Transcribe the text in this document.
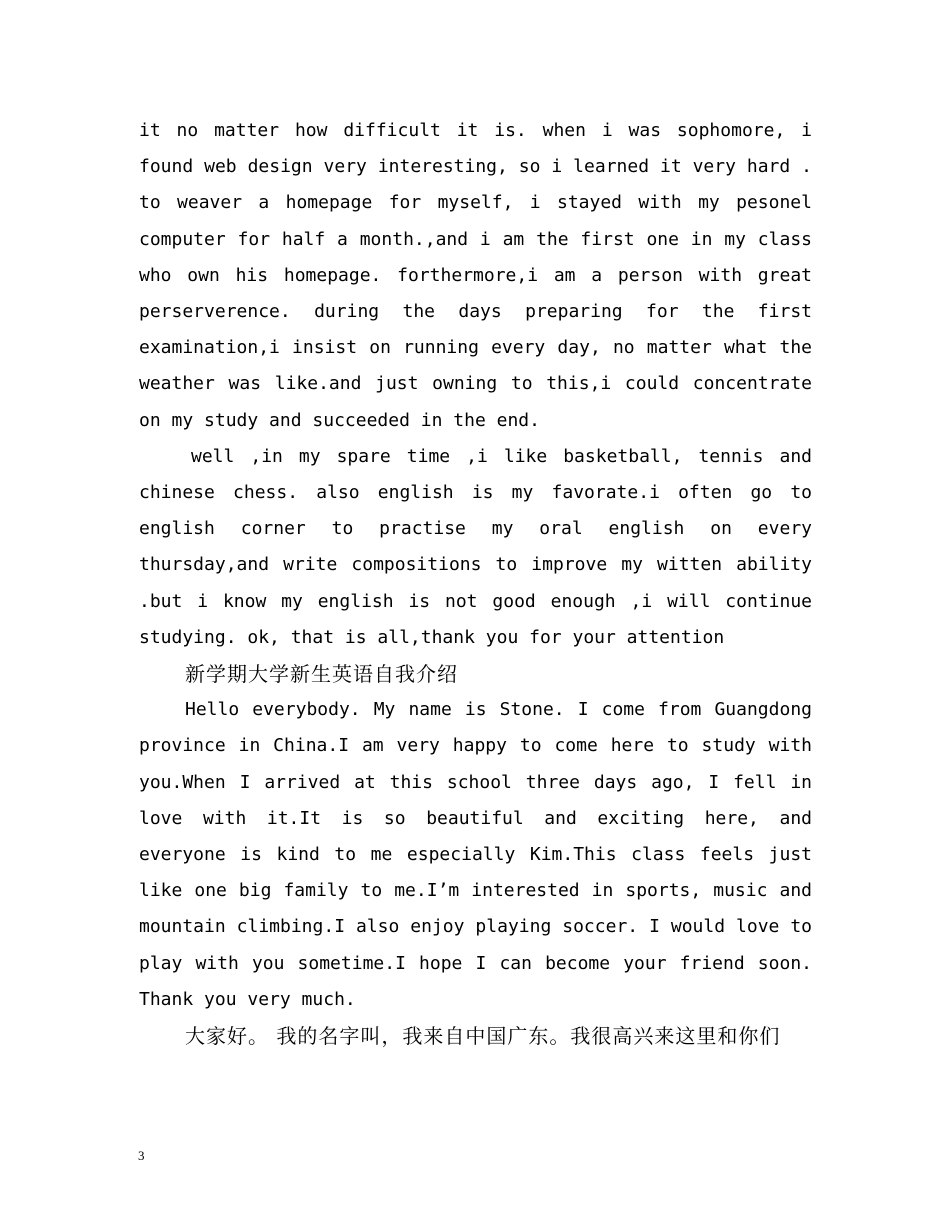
it no matter how difficult it is. when i was sophomore, i found web design very interesting, so i learned it very hard . to weaver a homepage for myself, i stayed with my pesonel computer for half a month.,and i am the first one in my class who own his homepage. forthermore,i am a person with great perserverence. during the days preparing for the first examination,i insist on running every day, no matter what the weather was like.and just owning to this,i could concentrate on my study and succeeded in the end.

well ,in my spare time ,i like basketball, tennis and chinese chess. also english is my favorate.i often go to english corner to practise my oral english on every thursday,and write compositions to improve my witten ability .but i know my english is not good enough ,i will continue studying. ok, that is all,thank you for your attention

新学期大学新生英语自我介绍

Hello everybody. My name is Stone. I come from Guangdong province in China.I am very happy to come here to study with you.When I arrived at this school three days ago, I fell in love with it.It is so beautiful and exciting here, and everyone is kind to me especially Kim.This class feels just like one big family to me.I’m interested in sports, music and mountain climbing.I also enjoy playing soccer. I would love to play with you sometime.I hope I can become your friend soon. Thank you very much.

大家好。 我的名字叫，我来自中国广东。我很高兴来这里和你们

3
